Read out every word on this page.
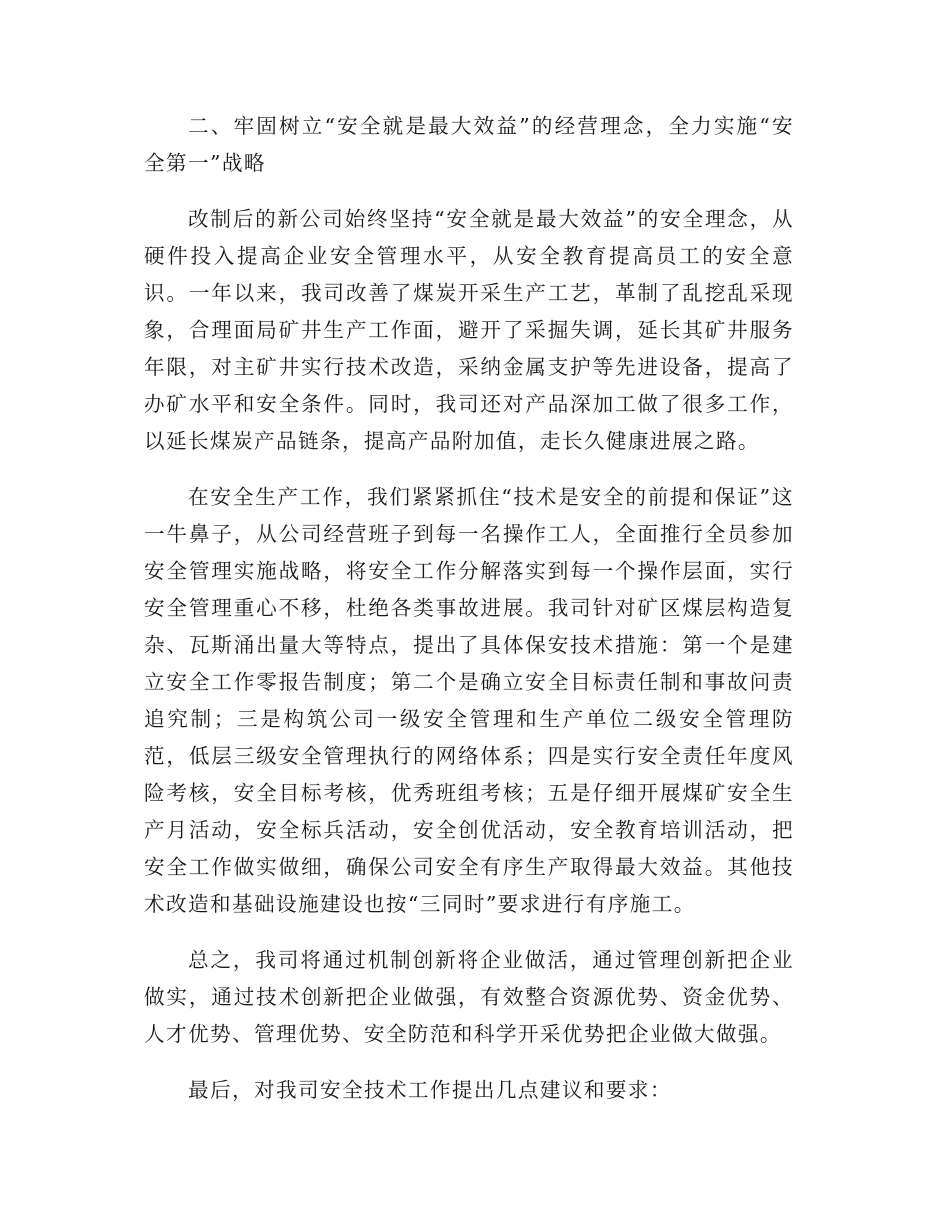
二、牢固树立“安全就是最大效益”的经营理念，全力实施“安全第一”战略

改制后的新公司始终坚持“安全就是最大效益”的安全理念，从硬件投入提高企业安全管理水平，从安全教育提高员工的安全意识。一年以来，我司改善了煤炭开采生产工艺，革制了乱挖乱采现象，合理面局矿井生产工作面，避开了采掘失调，延长其矿井服务年限，对主矿井实行技术改造，采纳金属支护等先进设备，提高了办矿水平和安全条件。同时，我司还对产品深加工做了很多工作，以延长煤炭产品链条，提高产品附加值，走长久健康进展之路。

在安全生产工作，我们紧紧抓住“技术是安全的前提和保证”这一牛鼻子，从公司经营班子到每一名操作工人，全面推行全员参加安全管理实施战略，将安全工作分解落实到每一个操作层面，实行安全管理重心不移，杜绝各类事故进展。我司针对矿区煤层构造复杂、瓦斯涌出量大等特点，提出了具体保安技术措施：第一个是建立安全工作零报告制度；第二个是确立安全目标责任制和事故问责追究制；三是构筑公司一级安全管理和生产单位二级安全管理防范，低层三级安全管理执行的网络体系；四是实行安全责任年度风险考核，安全目标考核，优秀班组考核；五是仔细开展煤矿安全生产月活动，安全标兵活动，安全创优活动，安全教育培训活动，把安全工作做实做细，确保公司安全有序生产取得最大效益。其他技术改造和基础设施建设也按“三同时”要求进行有序施工。

总之，我司将通过机制创新将企业做活，通过管理创新把企业做实，通过技术创新把企业做强，有效整合资源优势、资金优势、人才优势、管理优势、安全防范和科学开采优势把企业做大做强。

最后，对我司安全技术工作提出几点建议和要求：
